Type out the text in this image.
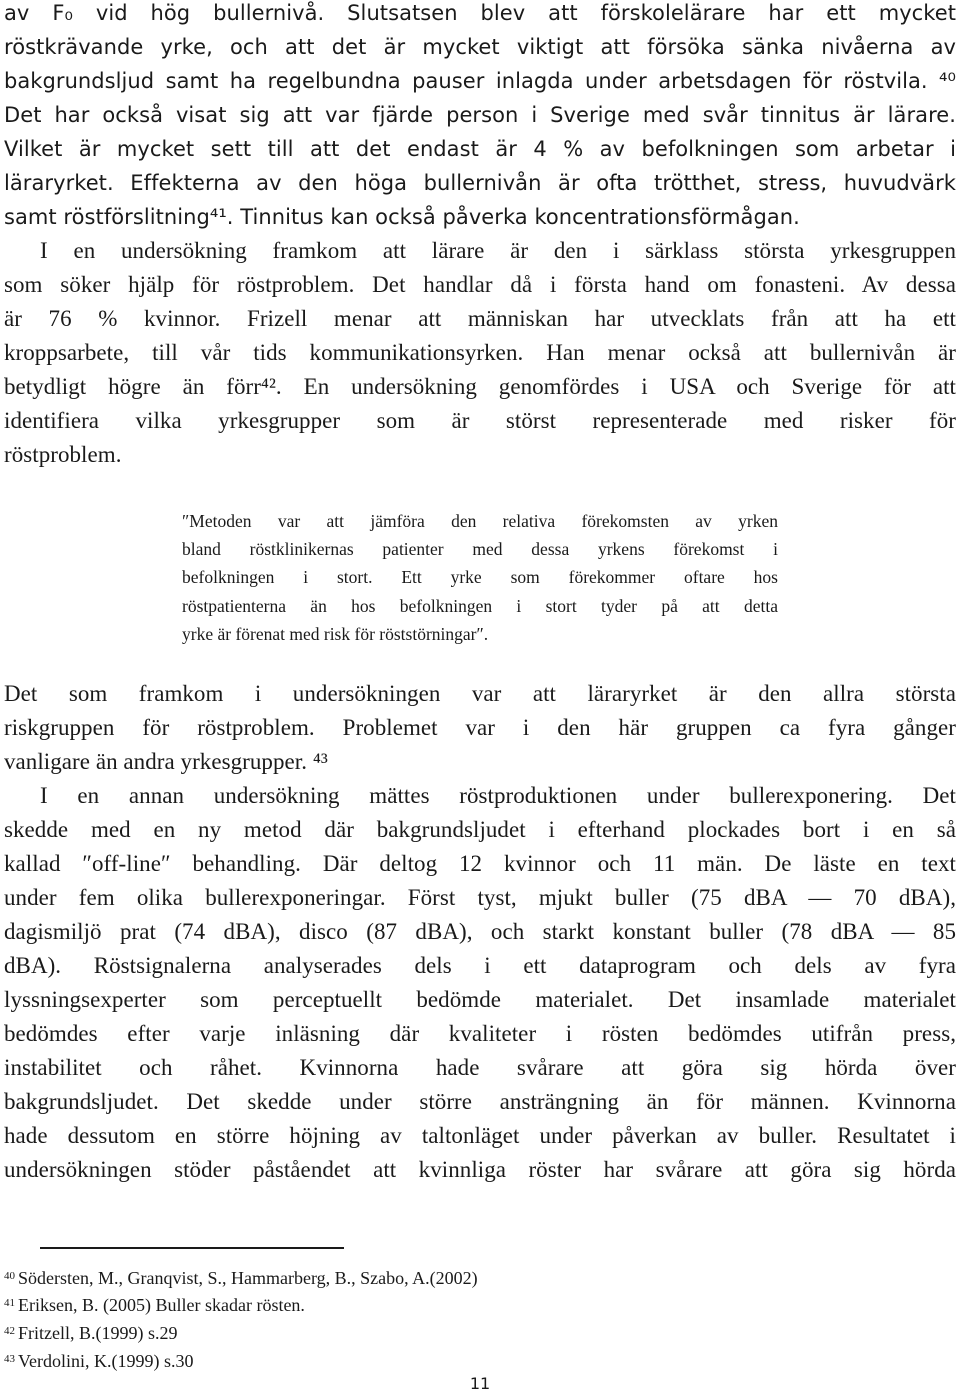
av F₀ vid hög bullernivå. Slutsatsen blev att förskolelärare har ett mycket
röstkrävande yrke, och att det är mycket viktigt att försöka sänka nivåerna av
bakgrundsljud samt ha regelbundna pauser inlagda under arbetsdagen för röstvila. ⁴⁰
Det har också visat sig att var fjärde person i Sverige med svår tinnitus är lärare.
Vilket är mycket sett till att det endast är 4 % av befolkningen som arbetar i
läraryrket. Effekterna av den höga bullernivån är ofta trötthet, stress, huvudvärk
samt röstförslitning⁴¹. Tinnitus kan också påverka koncentrationsförmågan.
I en undersökning framkom att lärare är den i särklass största yrkesgruppen
som söker hjälp för röstproblem. Det handlar då i första hand om fonasteni. Av dessa
är 76 % kvinnor. Frizell menar att människan har utvecklats från att ha ett
kroppsarbete, till vår tids kommunikationsyrken. Han menar också att bullernivån är
betydligt högre än förr⁴². En undersökning genomfördes i USA och Sverige för att
identifiera vilka yrkesgrupper som är störst representerade med risker för
röstproblem.
″Metoden var att jämföra den relativa förekomsten av yrken
bland röstklinikernas patienter med dessa yrkens förekomst i
befolkningen i stort. Ett yrke som förekommer oftare hos
röstpatienterna än hos befolkningen i stort tyder på att detta
yrke är förenat med risk för röststörningar″.
Det som framkom i undersökningen var att läraryrket är den allra största
riskgruppen för röstproblem. Problemet var i den här gruppen ca fyra gånger
vanligare än andra yrkesgrupper. ⁴³
I en annan undersökning mättes röstproduktionen under bullerexponering. Det
skedde med en ny metod där bakgrundsljudet i efterhand plockades bort i en så
kallad ″off-line″ behandling. Där deltog 12 kvinnor och 11 män. De läste en text
under fem olika bullerexponeringar. Först tyst, mjukt buller (75 dBA — 70 dBA),
dagismiljö prat (74 dBA), disco (87 dBA), och starkt konstant buller (78 dBA — 85
dBA). Röstsignalerna analyserades dels i ett dataprogram och dels av fyra
lyssningsexperter som perceptuellt bedömde materialet. Det insamlade materialet
bedömdes efter varje inläsning där kvaliteter i rösten bedömdes utifrån press,
instabilitet och råhet. Kvinnorna hade svårare att göra sig hörda över
bakgrundsljudet. Det skedde under större ansträngning än för männen. Kvinnorna
hade dessutom en större höjning av taltonläget under påverkan av buller. Resultatet i
undersökningen stöder påståendet att kvinnliga röster har svårare att göra sig hörda
$^{40}$ Södersten, M., Granqvist, S., Hammarberg, B., Szabo, A.(2002)
$^{41}$ Eriksen, B. (2005) Buller skadar rösten.
$^{42}$ Fritzell, B.(1999) s.29
$^{43}$ Verdolini, K.(1999) s.30
11
